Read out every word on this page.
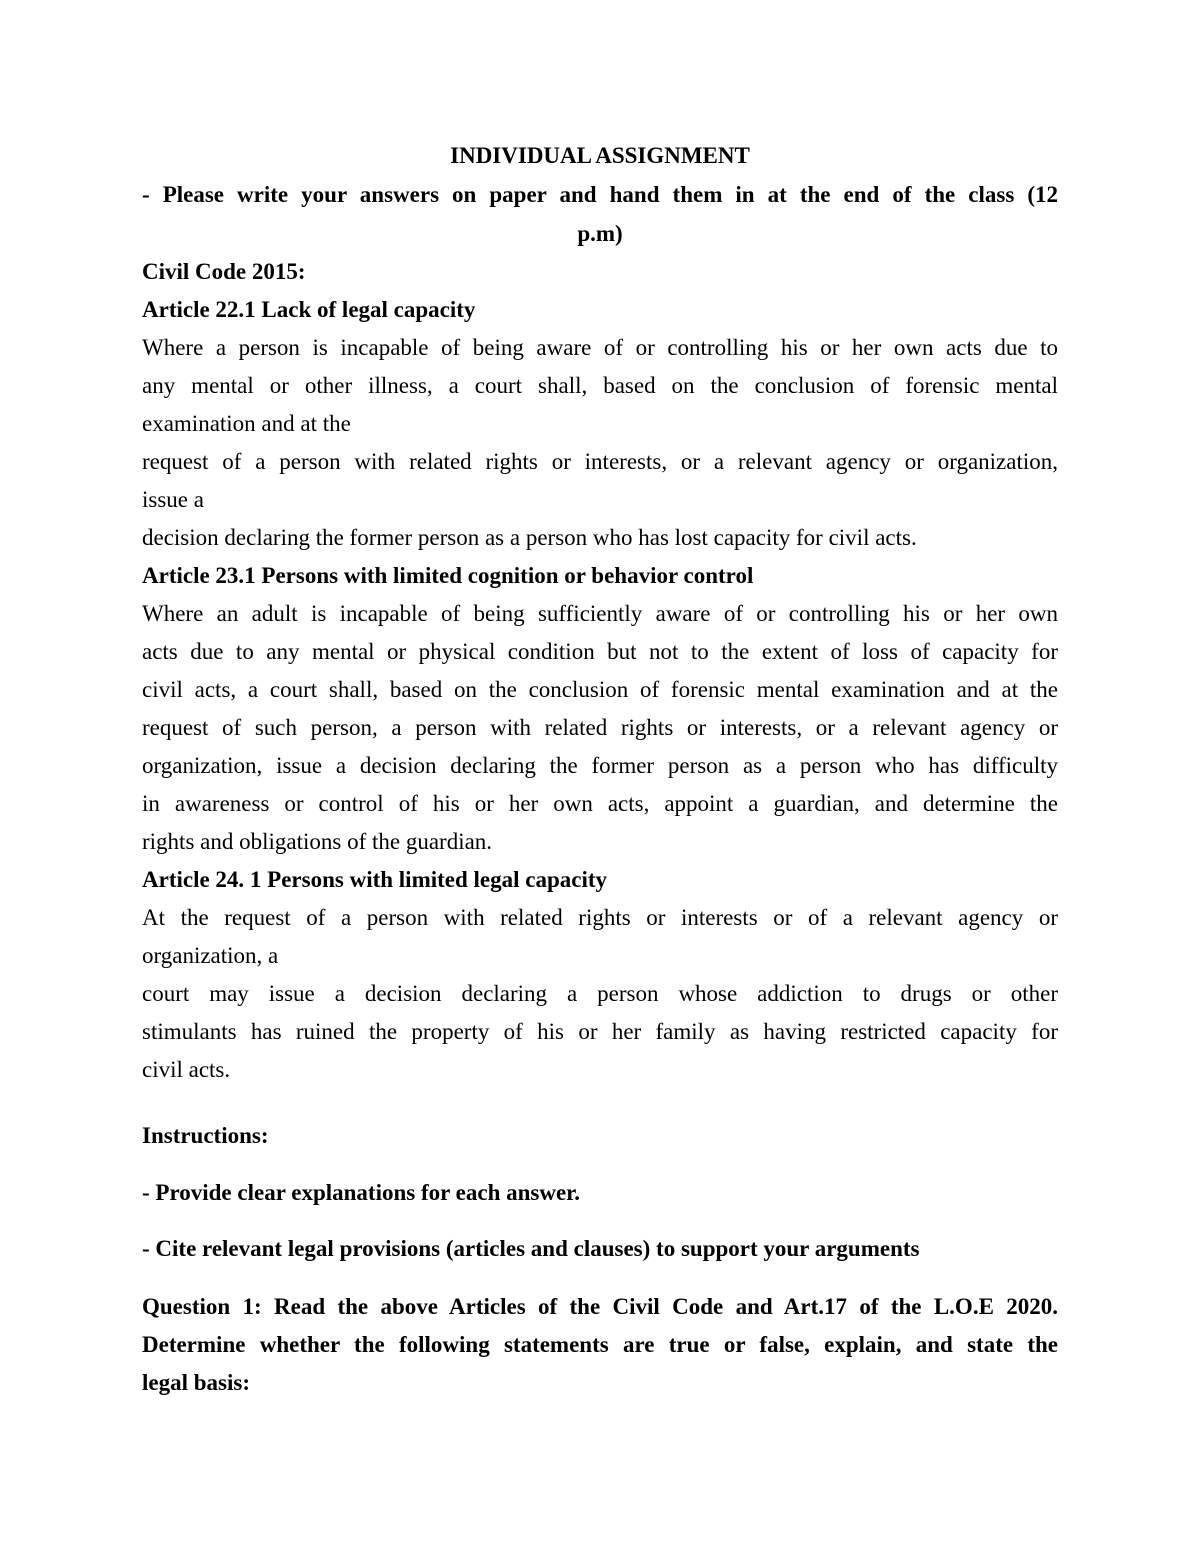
INDIVIDUAL ASSIGNMENT
- Please write your answers on paper and hand them in at the end of the class (12
p.m)
Civil Code 2015:
Article 22.1 Lack of legal capacity
Where a person is incapable of being aware of or controlling his or her own acts due to
any mental or other illness, a court shall, based on the conclusion of forensic mental
examination and at the
request of a person with related rights or interests, or a relevant agency or organization,
issue a
decision declaring the former person as a person who has lost capacity for civil acts.
Article 23.1 Persons with limited cognition or behavior control
Where an adult is incapable of being sufficiently aware of or controlling his or her own
acts due to any mental or physical condition but not to the extent of loss of capacity for
civil acts, a court shall, based on the conclusion of forensic mental examination and at the
request of such person, a person with related rights or interests, or a relevant agency or
organization, issue a decision declaring the former person as a person who has difficulty
in awareness or control of his or her own acts, appoint a guardian, and determine the
rights and obligations of the guardian.
Article 24. 1 Persons with limited legal capacity
At the request of a person with related rights or interests or of a relevant agency or
organization, a
court may issue a decision declaring a person whose addiction to drugs or other
stimulants has ruined the property of his or her family as having restricted capacity for
civil acts.
Instructions:
- Provide clear explanations for each answer.
- Cite relevant legal provisions (articles and clauses) to support your arguments
Question 1: Read the above Articles of the Civil Code and Art.17 of the L.O.E 2020.
Determine whether the following statements are true or false, explain, and state the
legal basis:
